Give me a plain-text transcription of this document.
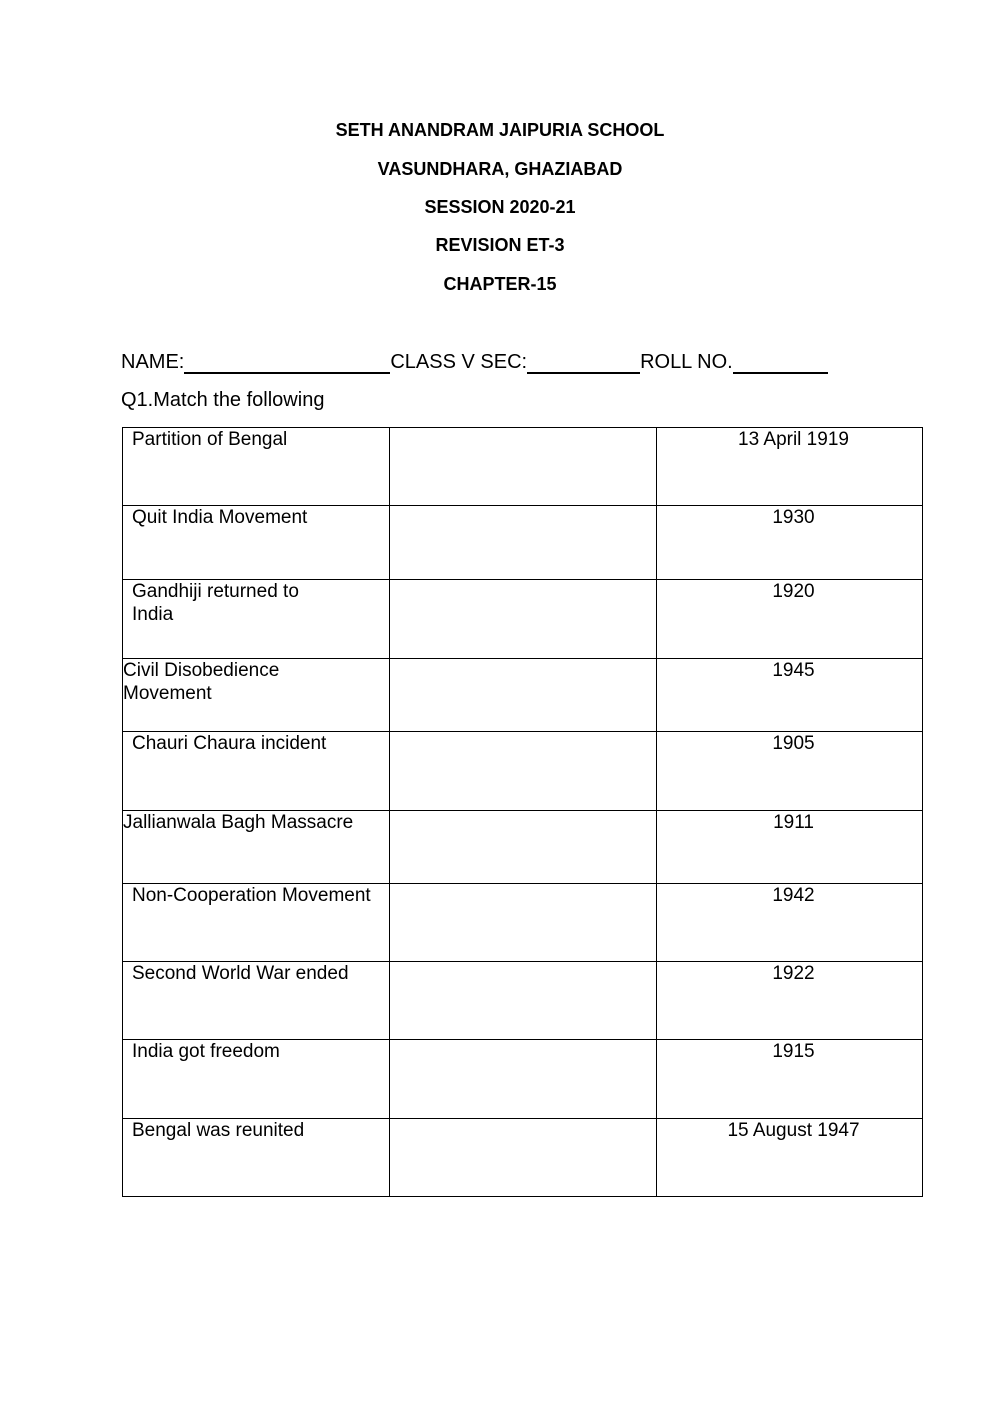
SETH ANANDRAM JAIPURIA SCHOOL
VASUNDHARA, GHAZIABAD
SESSION 2020-21
REVISION ET-3
CHAPTER-15
NAME:	CLASS V SEC:	ROLL NO.
Q1.Match the following
Partition of Bengal		13 April 1919

Quit India Movement		1930

Gandhiji returned to India		1920

Civil Disobedience Movement		1945

Chauri Chaura incident		1905

Jallianwala Bagh Massacre		1911

Non-Cooperation Movement		1942

Second World War ended		1922

India got freedom		1915

Bengal was reunited		15 August 1947
